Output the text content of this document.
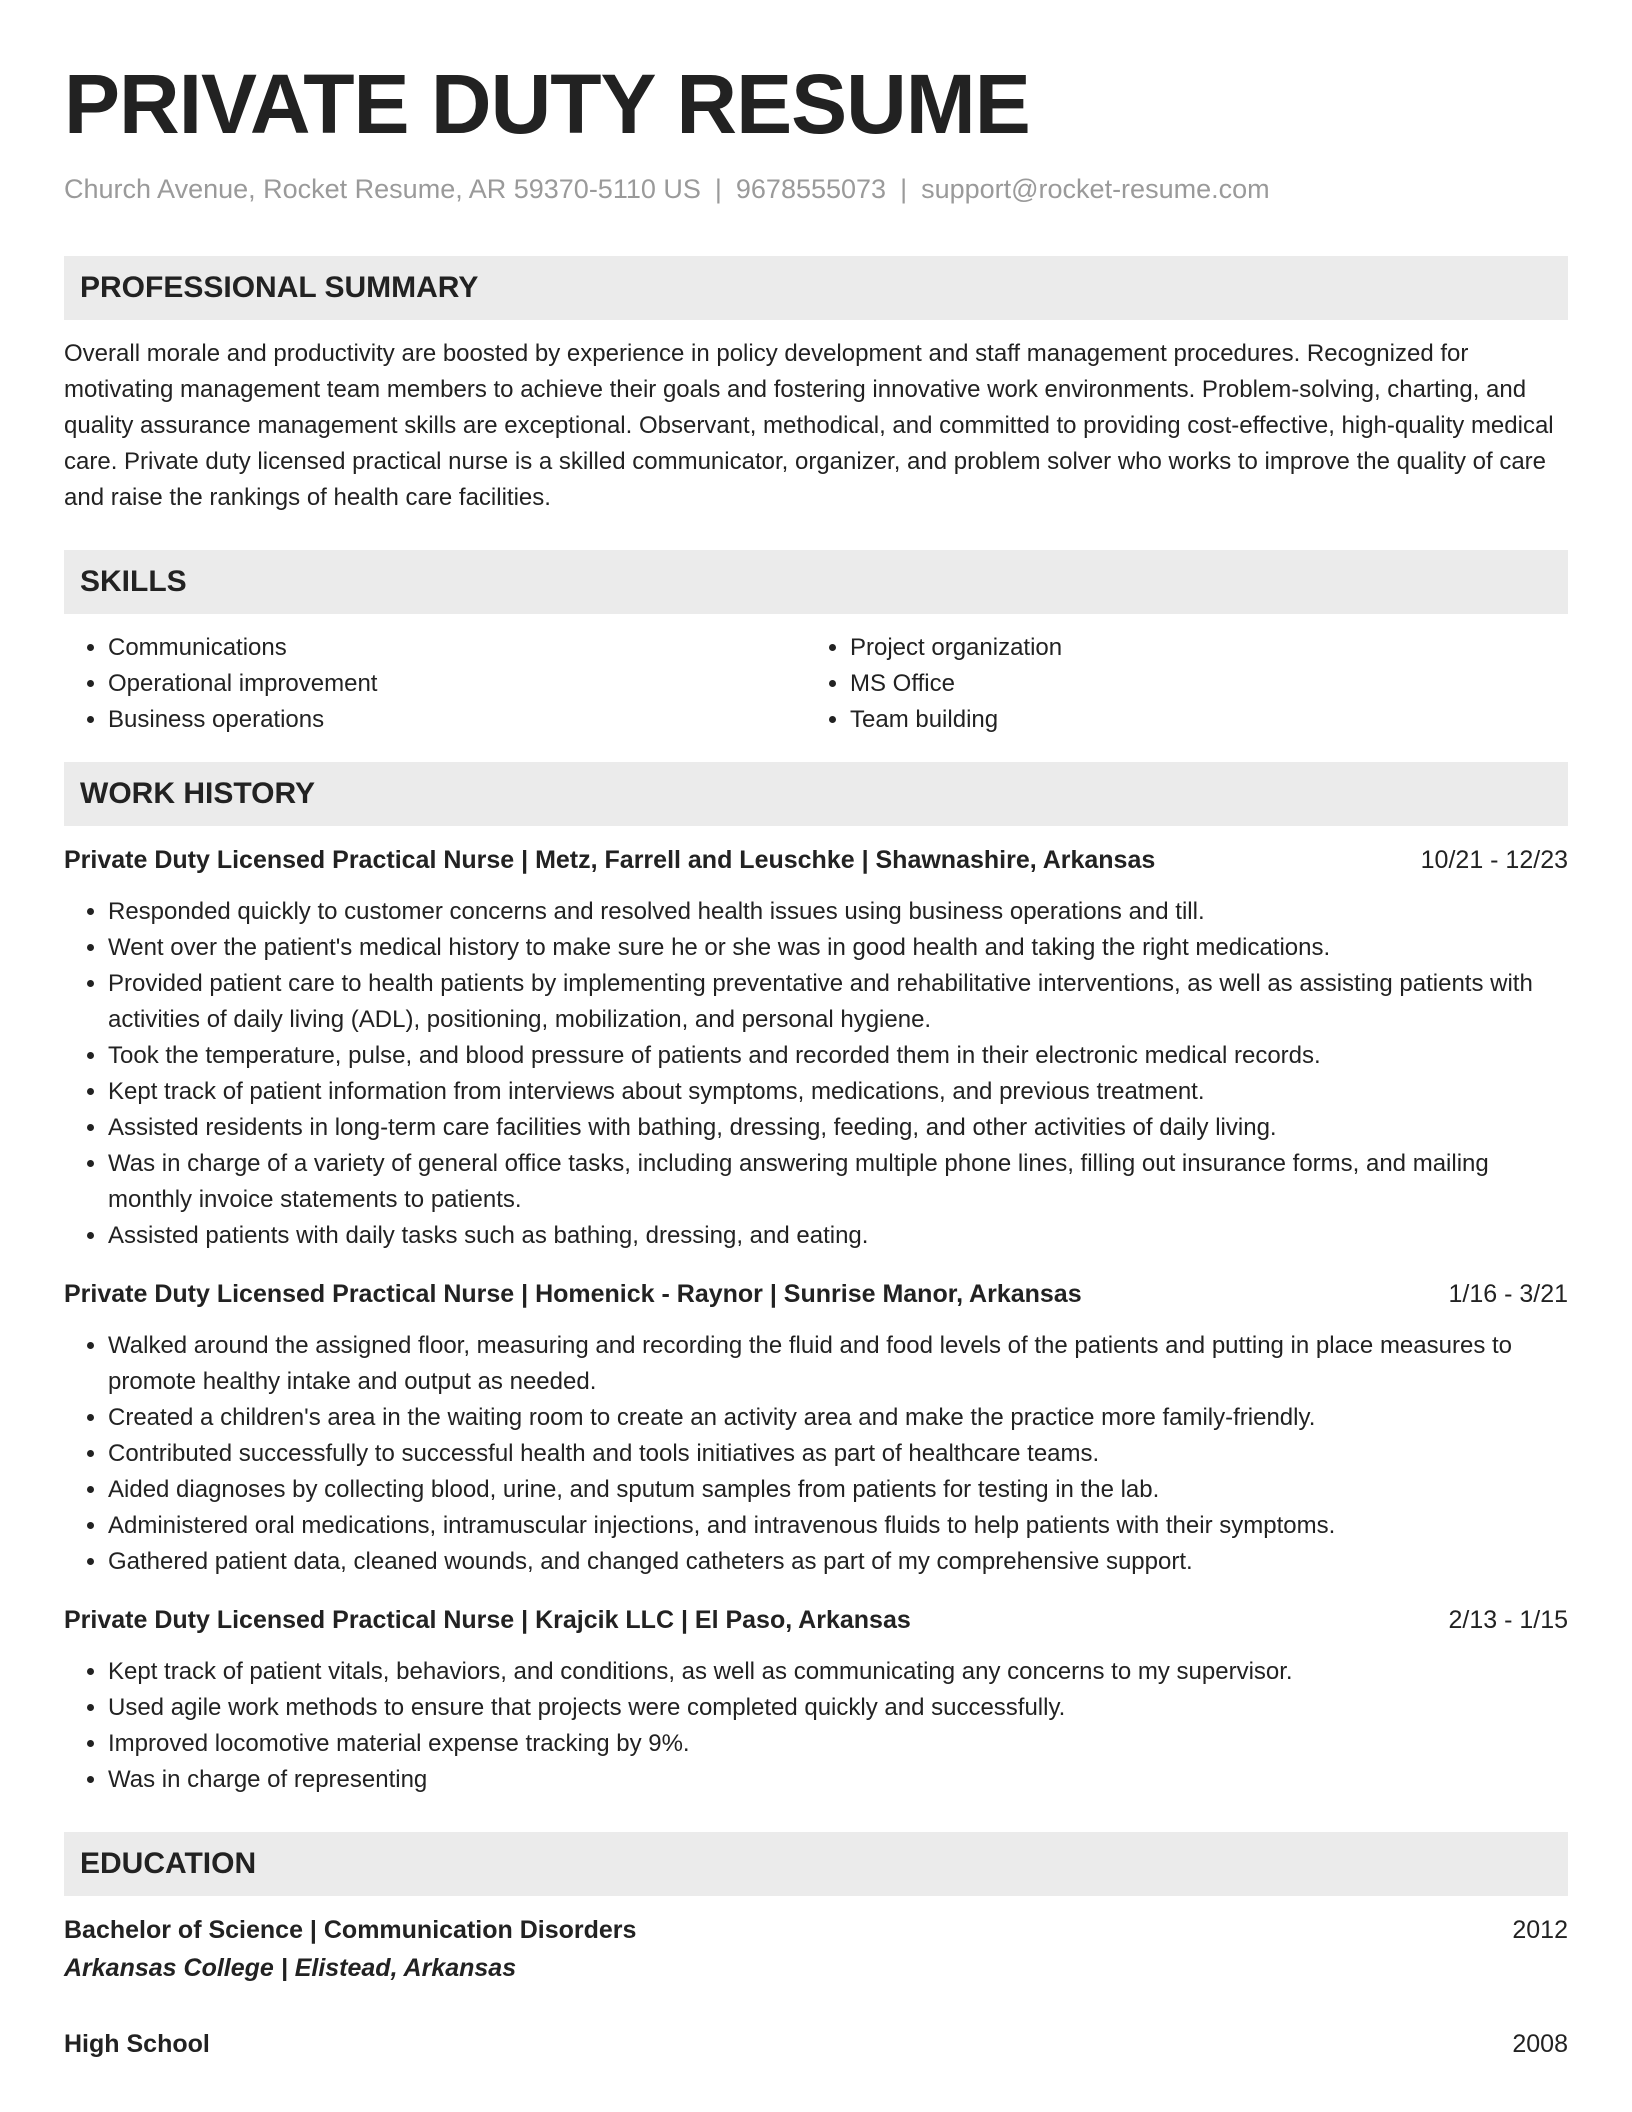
PRIVATE DUTY RESUME
Church Avenue, Rocket Resume, AR 59370-5110 US | 9678555073 | support@rocket-resume.com
PROFESSIONAL SUMMARY
Overall morale and productivity are boosted by experience in policy development and staff management procedures. Recognized for motivating management team members to achieve their goals and fostering innovative work environments. Problem-solving, charting, and quality assurance management skills are exceptional. Observant, methodical, and committed to providing cost-effective, high-quality medical care. Private duty licensed practical nurse is a skilled communicator, organizer, and problem solver who works to improve the quality of care and raise the rankings of health care facilities.
SKILLS
• Communications
• Operational improvement
• Business operations
• Project organization
• MS Office
• Team building
WORK HISTORY
Private Duty Licensed Practical Nurse | Metz, Farrell and Leuschke | Shawnashire, Arkansas	10/21 - 12/23
• Responded quickly to customer concerns and resolved health issues using business operations and till.
• Went over the patient's medical history to make sure he or she was in good health and taking the right medications.
• Provided patient care to health patients by implementing preventative and rehabilitative interventions, as well as assisting patients with activities of daily living (ADL), positioning, mobilization, and personal hygiene.
• Took the temperature, pulse, and blood pressure of patients and recorded them in their electronic medical records.
• Kept track of patient information from interviews about symptoms, medications, and previous treatment.
• Assisted residents in long-term care facilities with bathing, dressing, feeding, and other activities of daily living.
• Was in charge of a variety of general office tasks, including answering multiple phone lines, filling out insurance forms, and mailing monthly invoice statements to patients.
• Assisted patients with daily tasks such as bathing, dressing, and eating.
Private Duty Licensed Practical Nurse | Homenick - Raynor | Sunrise Manor, Arkansas	1/16 - 3/21
• Walked around the assigned floor, measuring and recording the fluid and food levels of the patients and putting in place measures to promote healthy intake and output as needed.
• Created a children's area in the waiting room to create an activity area and make the practice more family-friendly.
• Contributed successfully to successful health and tools initiatives as part of healthcare teams.
• Aided diagnoses by collecting blood, urine, and sputum samples from patients for testing in the lab.
• Administered oral medications, intramuscular injections, and intravenous fluids to help patients with their symptoms.
• Gathered patient data, cleaned wounds, and changed catheters as part of my comprehensive support.
Private Duty Licensed Practical Nurse | Krajcik LLC | El Paso, Arkansas	2/13 - 1/15
• Kept track of patient vitals, behaviors, and conditions, as well as communicating any concerns to my supervisor.
• Used agile work methods to ensure that projects were completed quickly and successfully.
• Improved locomotive material expense tracking by 9%.
• Was in charge of representing
EDUCATION
Bachelor of Science | Communication Disorders	2012
Arkansas College | Elistead, Arkansas
High School	2008
